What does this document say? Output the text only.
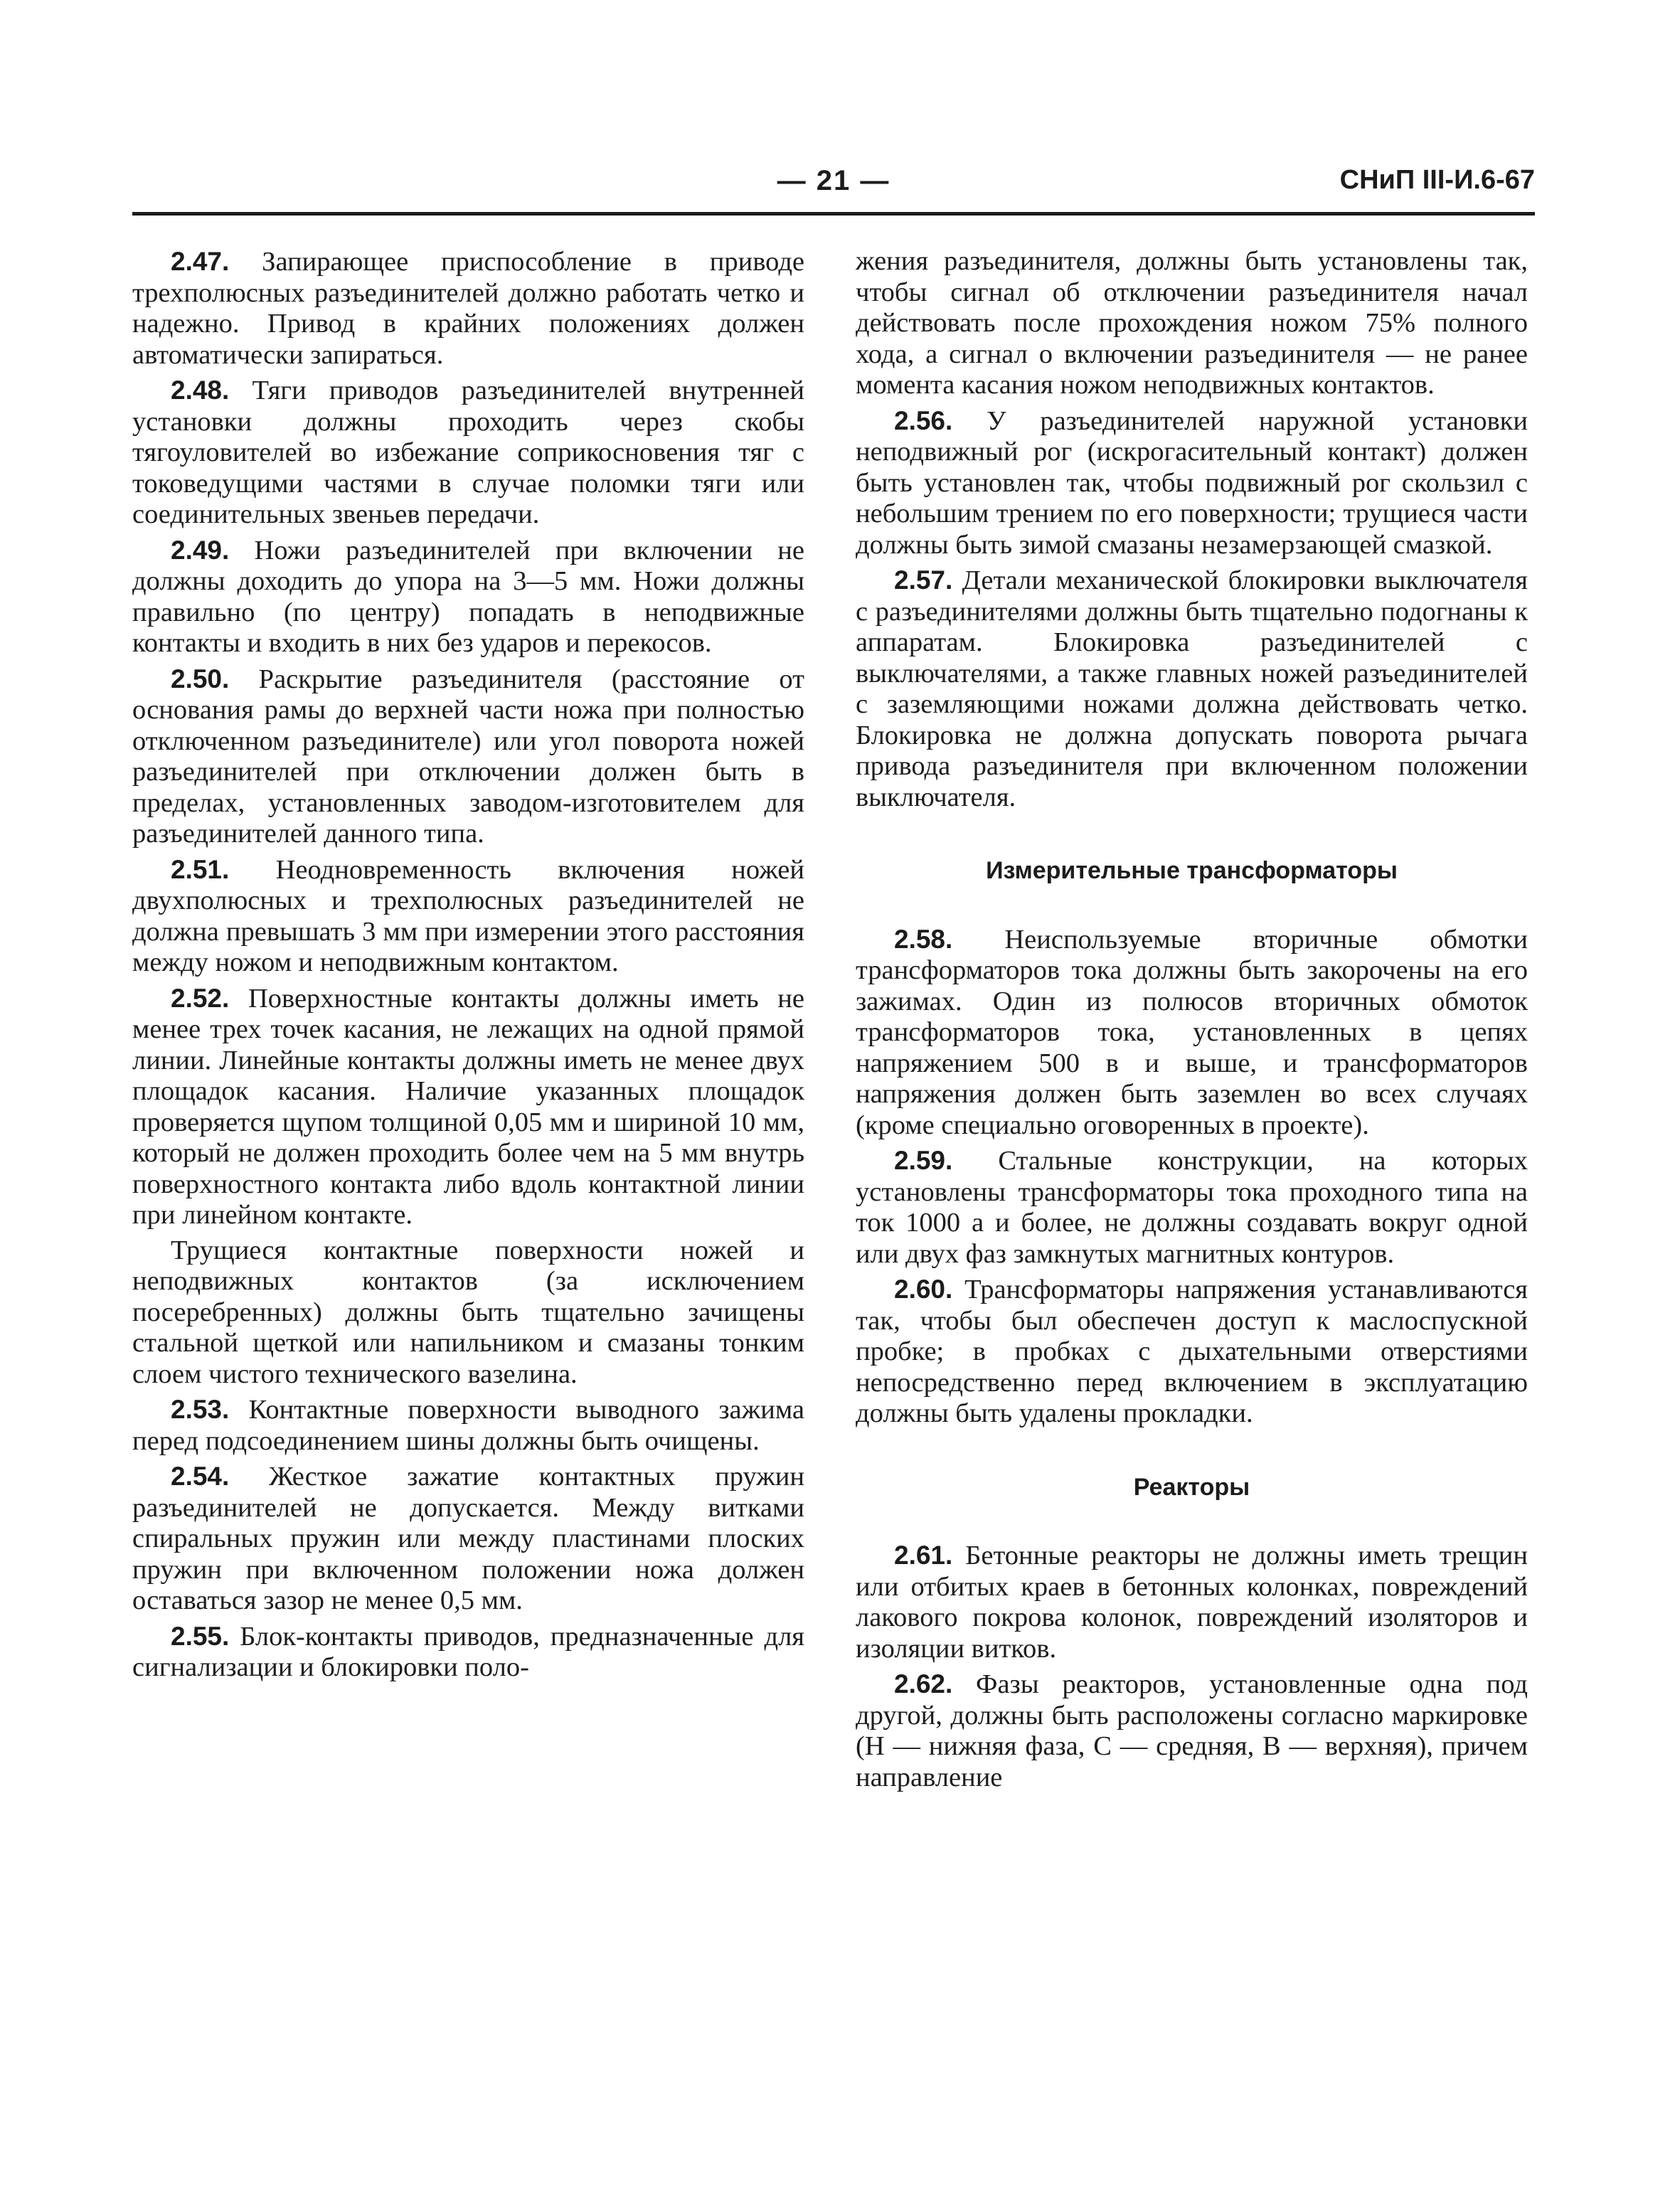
— 21 —	СНиП III-И.6-67

2.47. Запирающее приспособление в приводе трехполюсных разъединителей должно работать четко и надежно. Привод в крайних положениях должен автоматически запираться.

2.48. Тяги приводов разъединителей внутренней установки должны проходить через скобы тягоуловителей во избежание соприкосновения тяг с токоведущими частями в случае поломки тяги или соединительных звеньев передачи.

2.49. Ножи разъединителей при включении не должны доходить до упора на 3—5 мм. Ножи должны правильно (по центру) попадать в неподвижные контакты и входить в них без ударов и перекосов.

2.50. Раскрытие разъединителя (расстояние от основания рамы до верхней части ножа при полностью отключенном разъединителе) или угол поворота ножей разъединителей при отключении должен быть в пределах, установленных заводом-изготовителем для разъединителей данного типа.

2.51. Неодновременность включения ножей двухполюсных и трехполюсных разъединителей не должна превышать 3 мм при измерении этого расстояния между ножом и неподвижным контактом.

2.52. Поверхностные контакты должны иметь не менее трех точек касания, не лежащих на одной прямой линии. Линейные контакты должны иметь не менее двух площадок касания. Наличие указанных площадок проверяется щупом толщиной 0,05 мм и шириной 10 мм, который не должен проходить более чем на 5 мм внутрь поверхностного контакта либо вдоль контактной линии при линейном контакте.

Трущиеся контактные поверхности ножей и неподвижных контактов (за исключением посеребренных) должны быть тщательно зачищены стальной щеткой или напильником и смазаны тонким слоем чистого технического вазелина.

2.53. Контактные поверхности выводного зажима перед подсоединением шины должны быть очищены.

2.54. Жесткое зажатие контактных пружин разъединителей не допускается. Между витками спиральных пружин или между пластинами плоских пружин при включенном положении ножа должен оставаться зазор не менее 0,5 мм.

2.55. Блок-контакты приводов, предназначенные для сигнализации и блокировки поло-

жения разъединителя, должны быть установлены так, чтобы сигнал об отключении разъединителя начал действовать после прохождения ножом 75% полного хода, а сигнал о включении разъединителя — не ранее момента касания ножом неподвижных контактов.

2.56. У разъединителей наружной установки неподвижный рог (искрогасительный контакт) должен быть установлен так, чтобы подвижный рог скользил с небольшим трением по его поверхности; трущиеся части должны быть зимой смазаны незамерзающей смазкой.

2.57. Детали механической блокировки выключателя с разъединителями должны быть тщательно подогнаны к аппаратам. Блокировка разъединителей с выключателями, а также главных ножей разъединителей с заземляющими ножами должна действовать четко. Блокировка не должна допускать поворота рычага привода разъединителя при включенном положении выключателя.

Измерительные трансформаторы

2.58. Неиспользуемые вторичные обмотки трансформаторов тока должны быть закорочены на его зажимах. Один из полюсов вторичных обмоток трансформаторов тока, установленных в цепях напряжением 500 в и выше, и трансформаторов напряжения должен быть заземлен во всех случаях (кроме специально оговоренных в проекте).

2.59. Стальные конструкции, на которых установлены трансформаторы тока проходного типа на ток 1000 а и более, не должны создавать вокруг одной или двух фаз замкнутых магнитных контуров.

2.60. Трансформаторы напряжения устанавливаются так, чтобы был обеспечен доступ к маслоспускной пробке; в пробках с дыхательными отверстиями непосредственно перед включением в эксплуатацию должны быть удалены прокладки.

Реакторы

2.61. Бетонные реакторы не должны иметь трещин или отбитых краев в бетонных колонках, повреждений лакового покрова колонок, повреждений изоляторов и изоляции витков.

2.62. Фазы реакторов, установленные одна под другой, должны быть расположены согласно маркировке (Н — нижняя фаза, С — средняя, В — верхняя), причем направление
